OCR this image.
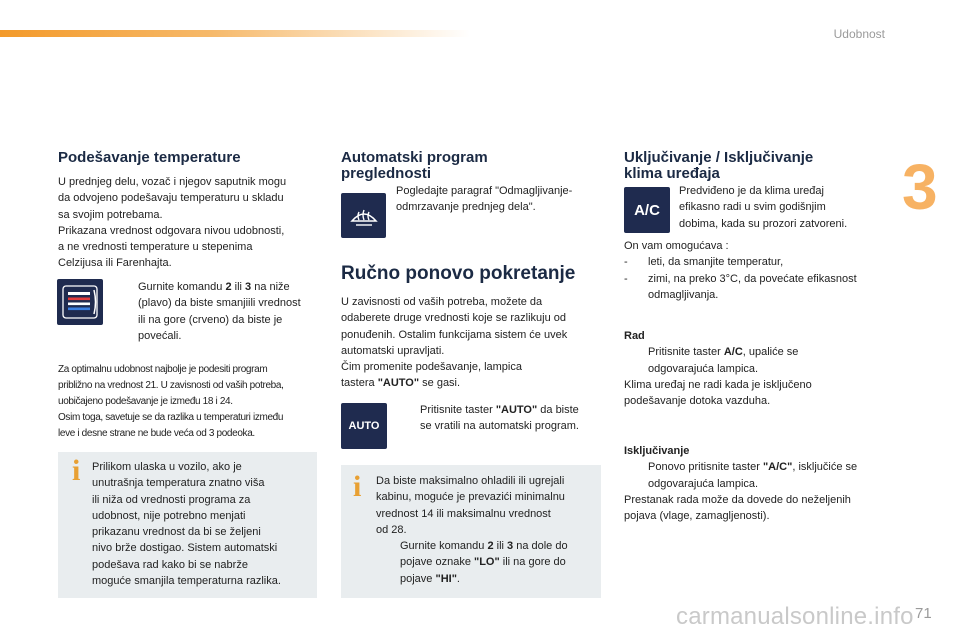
Udobnost
3
Podešavanje temperature
U prednjeg delu, vozač i njegov saputnik mogu
da odvojeno podešavaju temperaturu u skladu
sa svojim potrebama.
Prikazana vrednost odgovara nivou udobnosti,
a ne vrednosti temperature u stepenima
Celzijusa ili Farenhajta.
Gurnite komandu 2 ili 3 na niže
(plavo) da biste smanjiili vrednost
ili na gore (crveno) da biste je
povećali.
Za optimalnu udobnost najbolje je podesiti program
približno na vrednost 21. U zavisnosti od vaših potreba,
uobičajeno podešavanje je između 18 i 24.
Osim toga, savetuje se da razlika u temperaturi između
leve i desne strane ne bude veća od 3 podeoka.
i Prilikom ulaska u vozilo, ako je
unutrašnja temperatura znatno viša
ili niža od vrednosti programa za
udobnost, nije potrebno menjati
prikazanu vrednost da bi se željeni
nivo brže dostigao. Sistem automatski
podešava rad kako bi se nabrže
moguće smanjila temperaturna razlika.
Automatski program
preglednosti
Pogledajte paragraf "Odmagljivanje-
odmrzavanje prednjeg dela".
Ručno ponovo pokretanje
U zavisnosti od vaših potreba, možete da
odaberete druge vrednosti koje se razlikuju od
ponuđenih. Ostalim funkcijama sistem će uvek
automatski upravljati.
Čim promenite podešavanje, lampica
tastera "AUTO" se gasi.
AUTO
Pritisnite taster "AUTO" da biste
se vratili na automatski program.
i Da biste maksimalno ohladili ili ugrejali
kabinu, moguće je prevazići minimalnu
vrednost 14 ili maksimalnu vrednost
od 28.
Gurnite komandu 2 ili 3 na dole do
pojave oznake "LO" ili na gore do
pojave "HI".
Uključivanje / Isključivanje
klima uređaja
A/C
Predviđeno je da klima uređaj
efikasno radi u svim godišnjim
dobima, kada su prozori zatvoreni.
On vam omogućava :
- leti, da smanjite temperatur,
- zimi, na preko 3°C, da povećate efikasnost
odmagljivanja.
Rad
Pritisnite taster A/C, upaliće se
odgovarajuća lampica.
Klima uređaj ne radi kada je isključeno
podešavanje dotoka vazduha.
Isključivanje
Ponovo pritisnite taster "A/C", isključiće se
odgovarajuća lampica.
Prestanak rada može da dovede do neželjenih
pojava (vlage, zamagljenosti).
carmanualsonline.info 71
